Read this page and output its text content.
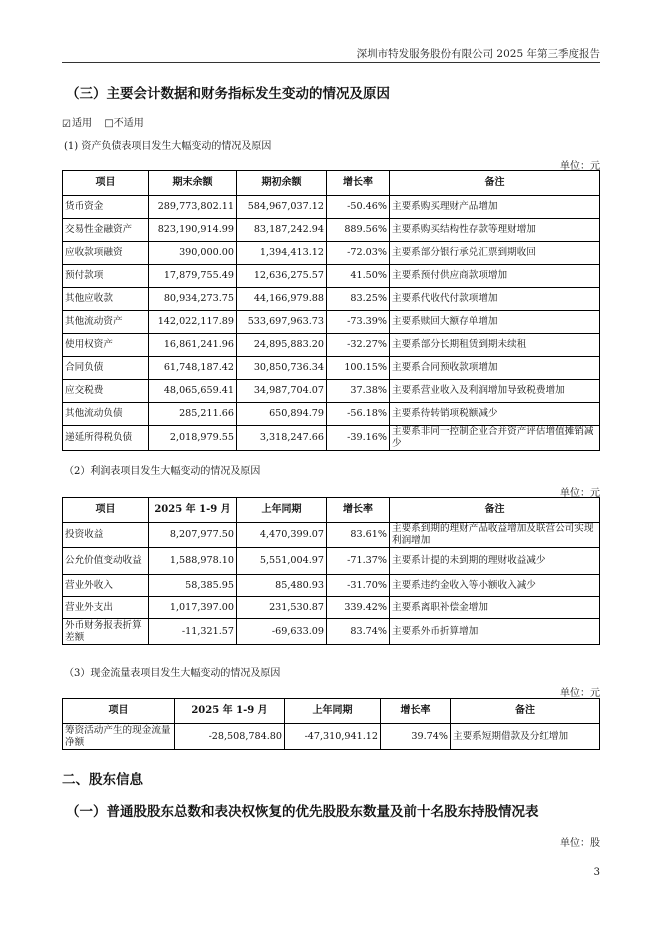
深圳市特发服务股份有限公司 2025 年第三季度报告
（三）主要会计数据和财务指标发生变动的情况及原因
☑适用 □不适用
(1) 资产负债表项目发生大幅变动的情况及原因
单位：元
项目	期末余额	期初余额	增长率	备注
货币资金	289,773,802.11	584,967,037.12	-50.46%	主要系购买理财产品增加
交易性金融资产	823,190,914.99	83,187,242.94	889.56%	主要系购买结构性存款等理财增加
应收款项融资	390,000.00	1,394,413.12	-72.03%	主要系部分银行承兑汇票到期收回
预付款项	17,879,755.49	12,636,275.57	41.50%	主要系预付供应商款项增加
其他应收款	80,934,273.75	44,166,979.88	83.25%	主要系代收代付款项增加
其他流动资产	142,022,117.89	533,697,963.73	-73.39%	主要系赎回大额存单增加
使用权资产	16,861,241.96	24,895,883.20	-32.27%	主要系部分长期租赁到期未续租
合同负债	61,748,187.42	30,850,736.34	100.15%	主要系合同预收款项增加
应交税费	48,065,659.41	34,987,704.07	37.38%	主要系营业收入及利润增加导致税费增加
其他流动负债	285,211.66	650,894.79	-56.18%	主要系待转销项税额减少
递延所得税负债	2,018,979.55	3,318,247.66	-39.16%	主要系非同一控制企业合并资产评估增值摊销减少
（2）利润表项目发生大幅变动的情况及原因
单位：元
项目	2025 年 1-9 月	上年同期	增长率	备注
投资收益	8,207,977.50	4,470,399.07	83.61%	主要系到期的理财产品收益增加及联营公司实现利润增加
公允价值变动收益	1,588,978.10	5,551,004.97	-71.37%	主要系计提的未到期的理财收益减少
营业外收入	58,385.95	85,480.93	-31.70%	主要系违约金收入等小额收入减少
营业外支出	1,017,397.00	231,530.87	339.42%	主要系离职补偿金增加
外币财务报表折算差额	-11,321.57	-69,633.09	83.74%	主要系外币折算增加
（3）现金流量表项目发生大幅变动的情况及原因
单位：元
项目	2025 年 1-9 月	上年同期	增长率	备注
筹资活动产生的现金流量净额	-28,508,784.80	-47,310,941.12	39.74%	主要系短期借款及分红增加
二、股东信息
（一）普通股股东总数和表决权恢复的优先股股东数量及前十名股东持股情况表
单位：股
3
